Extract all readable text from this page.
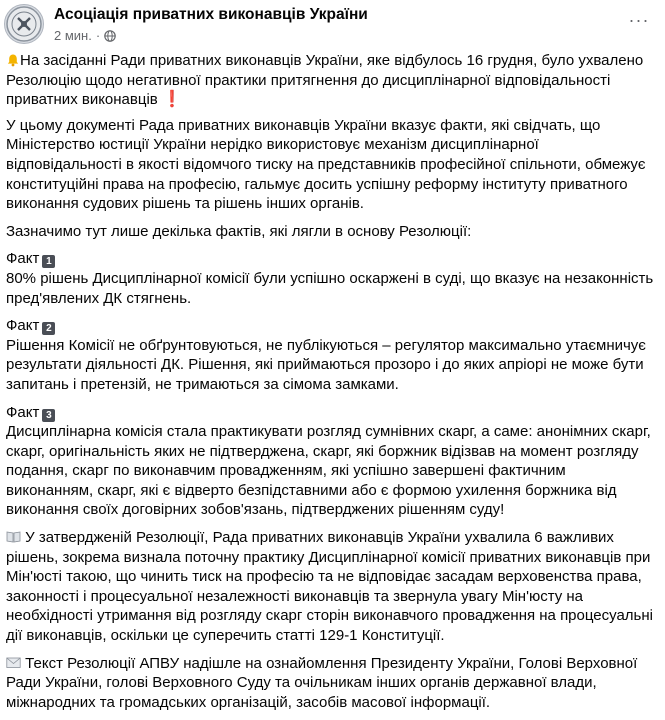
Асоціація приватних виконавців України
2 мин. ·
···

На засіданні Ради приватних виконавців України, яке відбулось 16 грудня, було ухвалено Резолюцію щодо негативної практики притягнення до дисциплінарної відповідальності приватних виконавців ❗

У цьому документі Рада приватних виконавців України вказує факти, які свідчать, що Міністерство юстиції України нерідко використовує механізм дисциплінарної відповідальності в якості відомчого тиску на представників професійної спільноти, обмежує конституційні права на професію, гальмує досить успішну реформу інституту приватного виконання судових рішень та рішень інших органів.

Зазначимо тут лише декілька фактів, які лягли в основу Резолюції:

Факт 1
80% рішень Дисциплінарної комісії були успішно оскаржені в суді, що вказує на незаконність пред'явлених ДК стягнень.

Факт 2
Рішення Комісії не обґрунтовуються, не публікуються – регулятор максимально утаємничує результати діяльності ДК. Рішення, які приймаються прозоро і до яких апріорі не може бути запитань і претензій, не тримаються за сімома замками.

Факт 3
Дисциплінарна комісія стала практикувати розгляд сумнівних скарг, а саме: анонімних скарг, скарг, оригінальність яких не підтверджена, скарг, які боржник відізвав на момент розгляду подання, скарг по виконавчим провадженням, які успішно завершені фактичним виконанням, скарг, які є відверто безпідставними або є формою ухилення боржника від виконання своїх договірних зобов'язань, підтверджених рішенням суду!

У затвердженій Резолюції, Рада приватних виконавців України ухвалила 6 важливих рішень, зокрема визнала поточну практику Дисциплінарної комісії приватних виконавців при Мін'юсті такою, що чинить тиск на професію та не відповідає засадам верховенства права, законності і процесуальної незалежності виконавців та звернула увагу Мін'юсту на необхідності утримання від розгляду скарг сторін виконавчого провадження на процесуальні дії виконавців, оскільки це суперечить статті 129-1 Конституції.

Текст Резолюції АПВУ надішле на ознайомлення Президенту України, Голові Верховної Ради України, голові Верховного Суду та очільникам інших органів державної влади, міжнародних та громадських організацій, засобів масової інформації.
